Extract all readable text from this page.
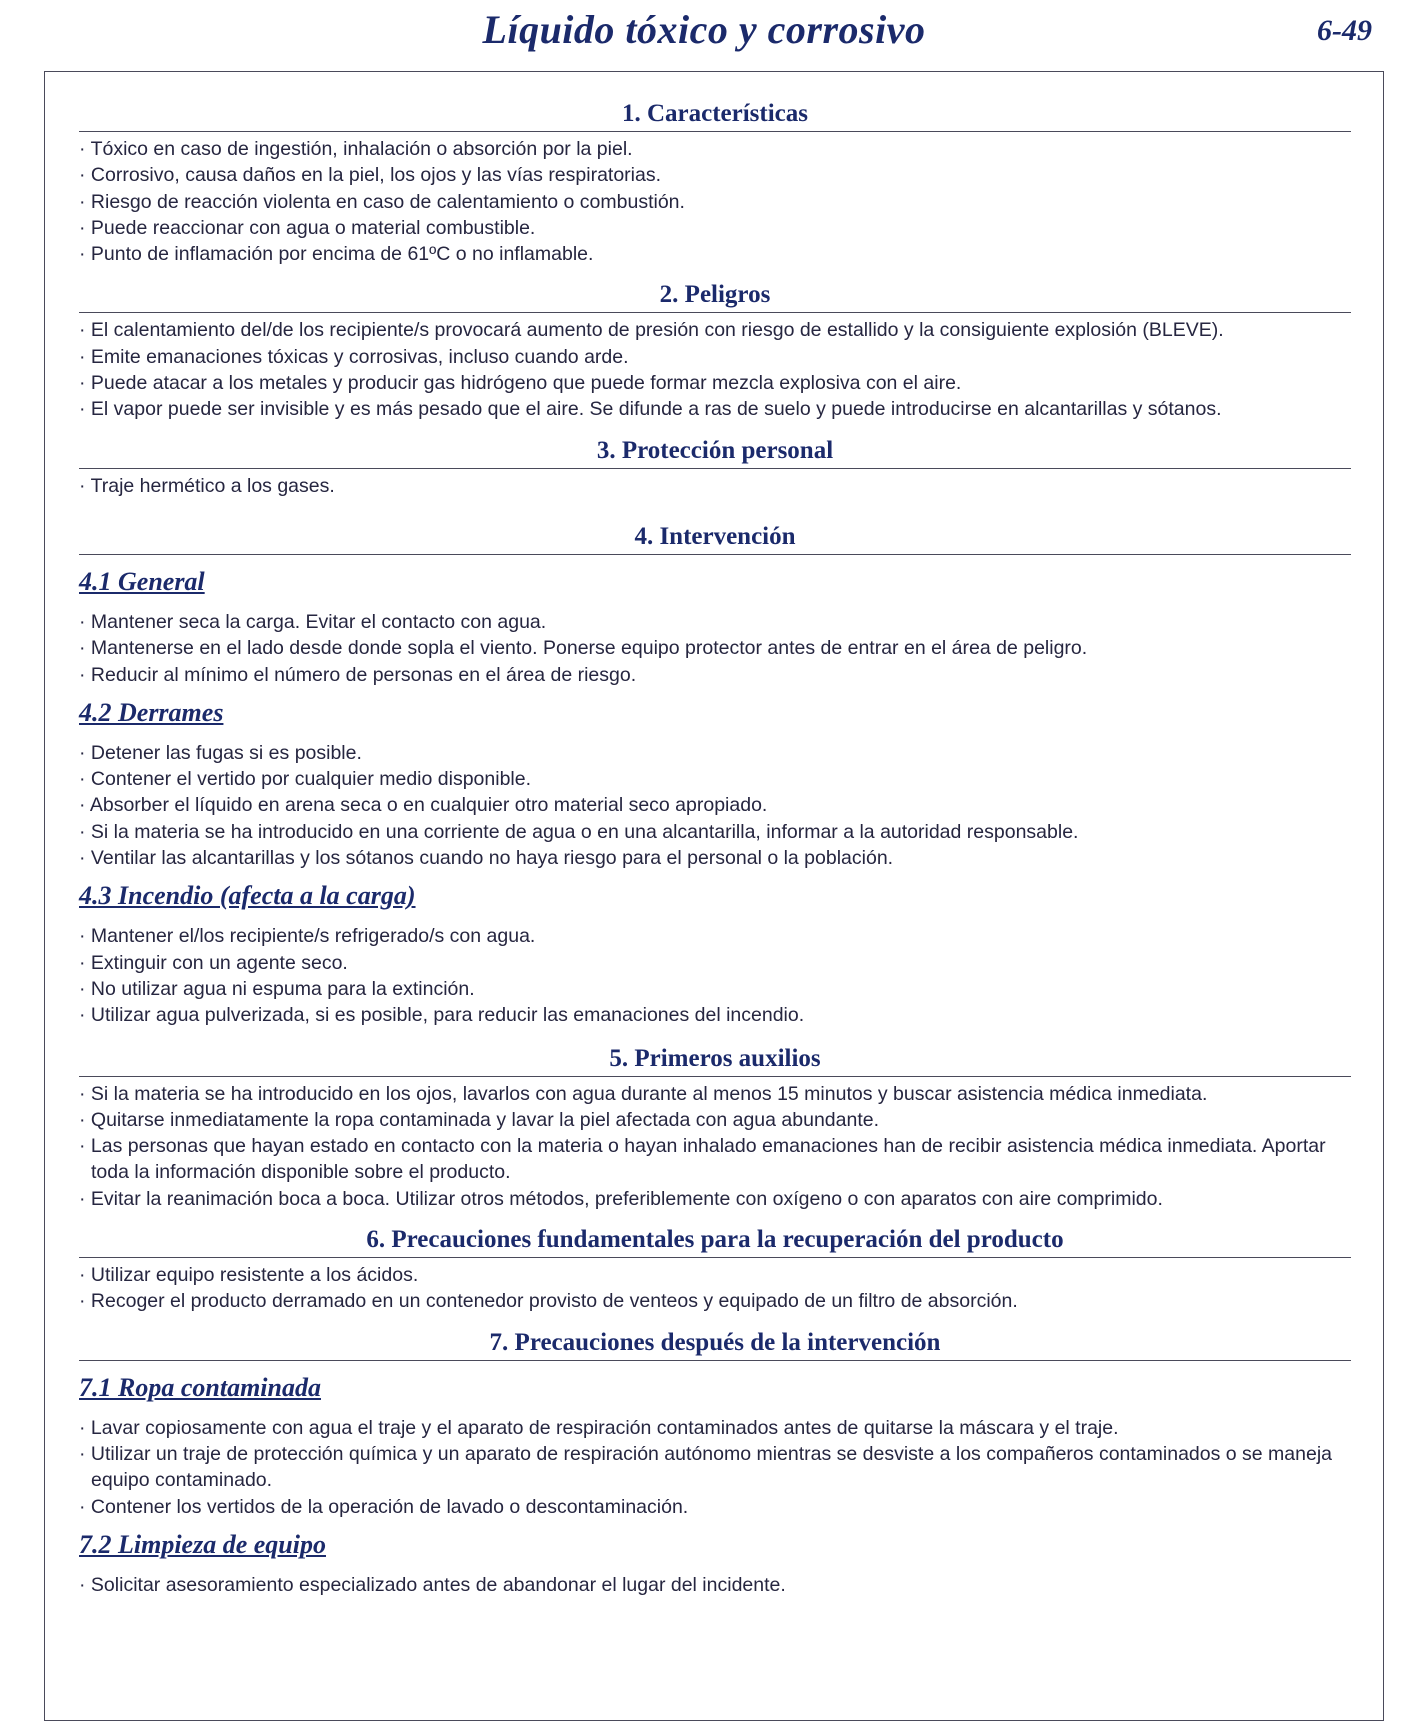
Líquido tóxico y corrosivo	6-49
1. Características
· Tóxico en caso de ingestión, inhalación o absorción por la piel.
· Corrosivo, causa daños en la piel, los ojos y las vías respiratorias.
· Riesgo de reacción violenta en caso de calentamiento o combustión.
· Puede reaccionar con agua o material combustible.
· Punto de inflamación por encima de 61ºC o no inflamable.
2. Peligros
· El calentamiento del/de los recipiente/s provocará aumento de presión con riesgo de estallido y la consiguiente explosión (BLEVE).
· Emite emanaciones tóxicas y corrosivas, incluso cuando arde.
· Puede atacar a los metales y producir gas hidrógeno que puede formar mezcla explosiva con el aire.
· El vapor puede ser invisible y es más pesado que el aire. Se difunde a ras de suelo y puede introducirse en alcantarillas y sótanos.
3. Protección personal
· Traje hermético a los gases.
4. Intervención
4.1 General
· Mantener seca la carga. Evitar el contacto con agua.
· Mantenerse en el lado desde donde sopla el viento. Ponerse equipo protector antes de entrar en el área de peligro.
· Reducir al mínimo el número de personas en el área de riesgo.
4.2 Derrames
· Detener las fugas si es posible.
· Contener el vertido por cualquier medio disponible.
· Absorber el líquido en arena seca o en cualquier otro material seco apropiado.
· Si la materia se ha introducido en una corriente de agua o en una alcantarilla, informar a la autoridad responsable.
· Ventilar las alcantarillas y los sótanos cuando no haya riesgo para el personal o la población.
4.3 Incendio (afecta a la carga)
· Mantener el/los recipiente/s refrigerado/s con agua.
· Extinguir con un agente seco.
· No utilizar agua ni espuma para la extinción.
· Utilizar agua pulverizada, si es posible, para reducir las emanaciones del incendio.
5. Primeros auxilios
· Si la materia se ha introducido en los ojos, lavarlos con agua durante al menos 15 minutos y buscar asistencia médica inmediata.
· Quitarse inmediatamente la ropa contaminada y lavar la piel afectada con agua abundante.
· Las personas que hayan estado en contacto con la materia o hayan inhalado emanaciones han de recibir asistencia médica inmediata. Aportar toda la información disponible sobre el producto.
· Evitar la reanimación boca a boca. Utilizar otros métodos, preferiblemente con oxígeno o con aparatos con aire comprimido.
6. Precauciones fundamentales para la recuperación del producto
· Utilizar equipo resistente a los ácidos.
· Recoger el producto derramado en un contenedor provisto de venteos y equipado de un filtro de absorción.
7. Precauciones después de la intervención
7.1 Ropa contaminada
· Lavar copiosamente con agua el traje y el aparato de respiración contaminados antes de quitarse la máscara y el traje.
· Utilizar un traje de protección química y un aparato de respiración autónomo mientras se desviste a los compañeros contaminados o se maneja equipo contaminado.
· Contener los vertidos de la operación de lavado o descontaminación.
7.2 Limpieza de equipo
· Solicitar asesoramiento especializado antes de abandonar el lugar del incidente.
